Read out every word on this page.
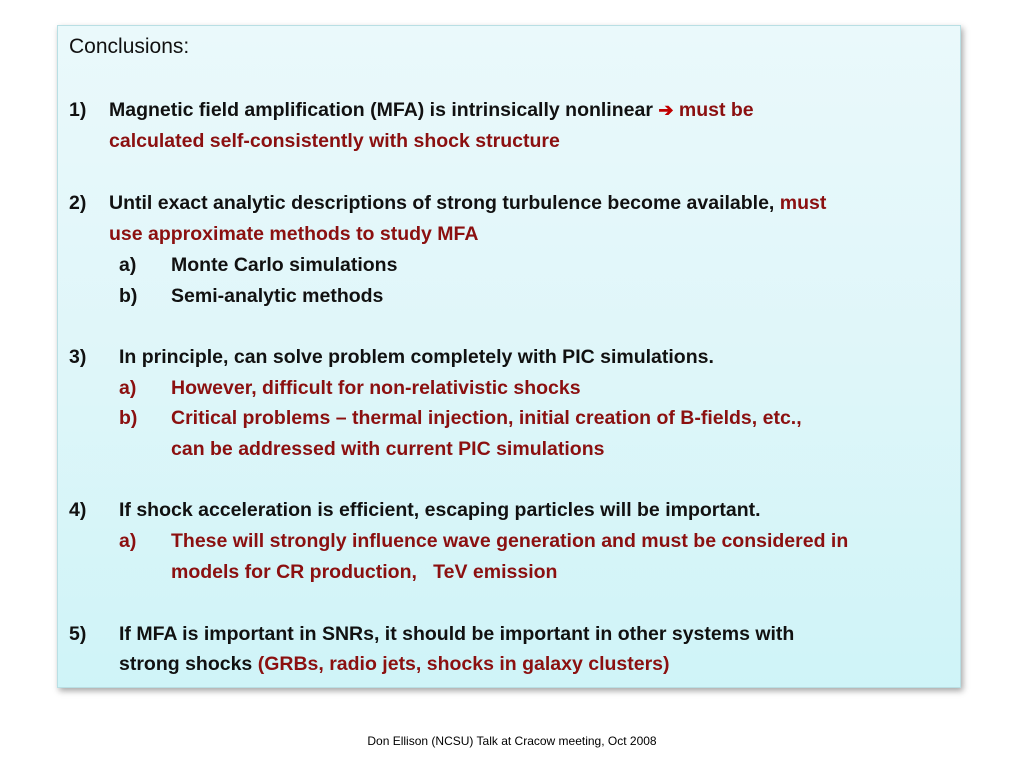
Conclusions:
1) Magnetic field amplification (MFA) is intrinsically nonlinear ➔ must be
calculated self-consistently with shock structure
2) Until exact analytic descriptions of strong turbulence become available, must
use approximate methods to study MFA
a) Monte Carlo simulations
b) Semi-analytic methods
3) In principle, can solve problem completely with PIC simulations.
a) However, difficult for non-relativistic shocks
b) Critical problems – thermal injection, initial creation of B-fields, etc.,
can be addressed with current PIC simulations
4) If shock acceleration is efficient, escaping particles will be important.
a) These will strongly influence wave generation and must be considered in
models for CR production,   TeV emission
5) If MFA is important in SNRs, it should be important in other systems with
strong shocks (GRBs, radio jets, shocks in galaxy clusters)
Don Ellison (NCSU) Talk at Cracow meeting, Oct 2008
